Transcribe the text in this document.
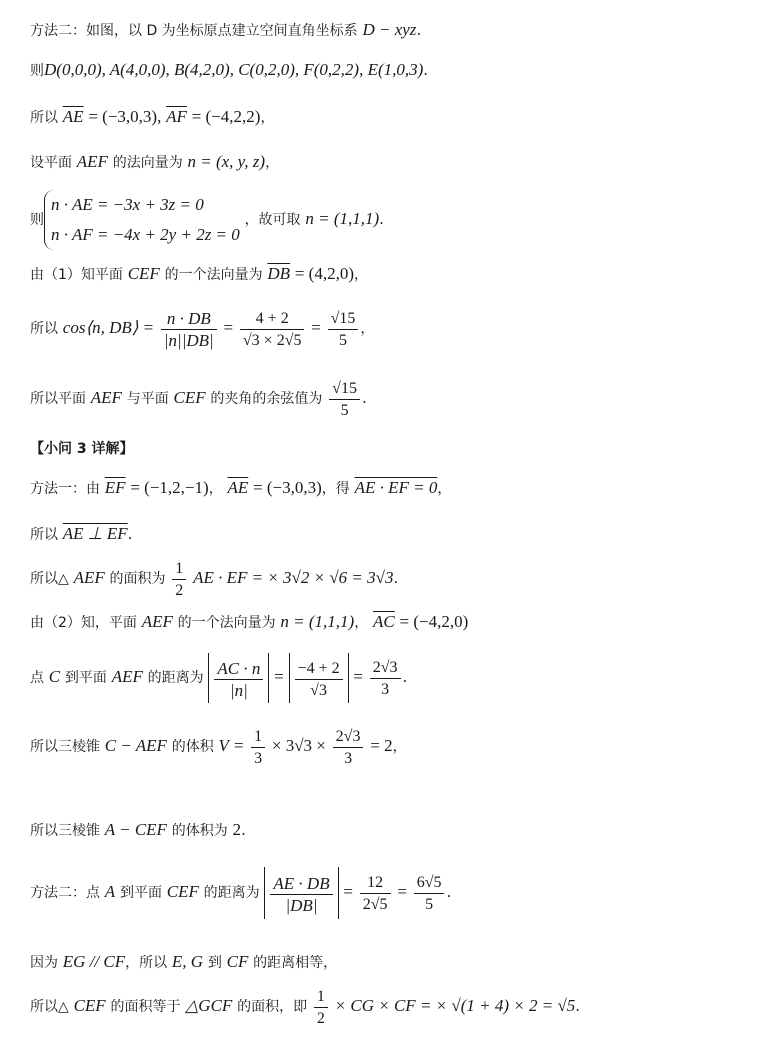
方法二：如图，以 D 为坐标原点建立空间直角坐标系 D − xyz.
则D(0,0,0), A(4,0,0), B(4,2,0), C(0,2,0), F(0,2,2), E(1,0,3).
所以 $\overline{AE} = (-3,0,3)$, $\overline{AF} = (-4,2,2)$，
设平面 AEF 的法向量为 n = (x, y, z)，
则
n · AE = −3x + 3z = 0
n · AF = −4x + 2y + 2z = 0
，故可取 n = (1,1,1).
由（1）知平面 CEF 的一个法向量为 $\overline{DB} = (4,2,0)$，
所以 cos⟨n, DB⟩ = $\frac{n \cdot DB}{|n||DB|} = \frac{4 + 2}{√3 \times 2√5} = \frac{√15}{5}$ ，
所以平面 AEF 与平面 CEF 的夹角的余弦值为 $\frac{√15}{5}$ .
【小问 3 详解】
方法一：由 $\overline{EF} = (-1,2,-1)$， $\overline{AE} = (-3,0,3)$，得 AE · EF = 0，
所以 AE ⊥ EF.
所以△ AEF 的面积为 $\frac{1}{2}$ AE · EF = × 3√2 × √6 = 3√3.
由（2）知，平面 AEF 的一个法向量为 n = (1,1,1)， $\overline{AC} = (-4,2,0)$
点 C 到平面 AEF 的距离为 $\frac{AC \cdot n}{|n|} = \frac{-4 + 2}{√3} = \frac{2√3}{3}$ .
所以三棱锥 C − AEF 的体积 $V = \frac{1}{3} \times 3√3 \times \frac{2√3}{3} = 2$，
所以三棱锥 A − CEF 的体积为 2.
方法二：点 A 到平面 CEF 的距离为 $\frac{AE \cdot DB}{|DB|} = \frac{12}{2√5} = \frac{6√5}{5}$ .
因为 EG // CF，所以 E, G 到 CF 的距离相等，
所以△ CEF 的面积等于 △GCF 的面积，即 $\frac{1}{2}$ × CG × CF = × √(1 + 4) × 2 = √5.
